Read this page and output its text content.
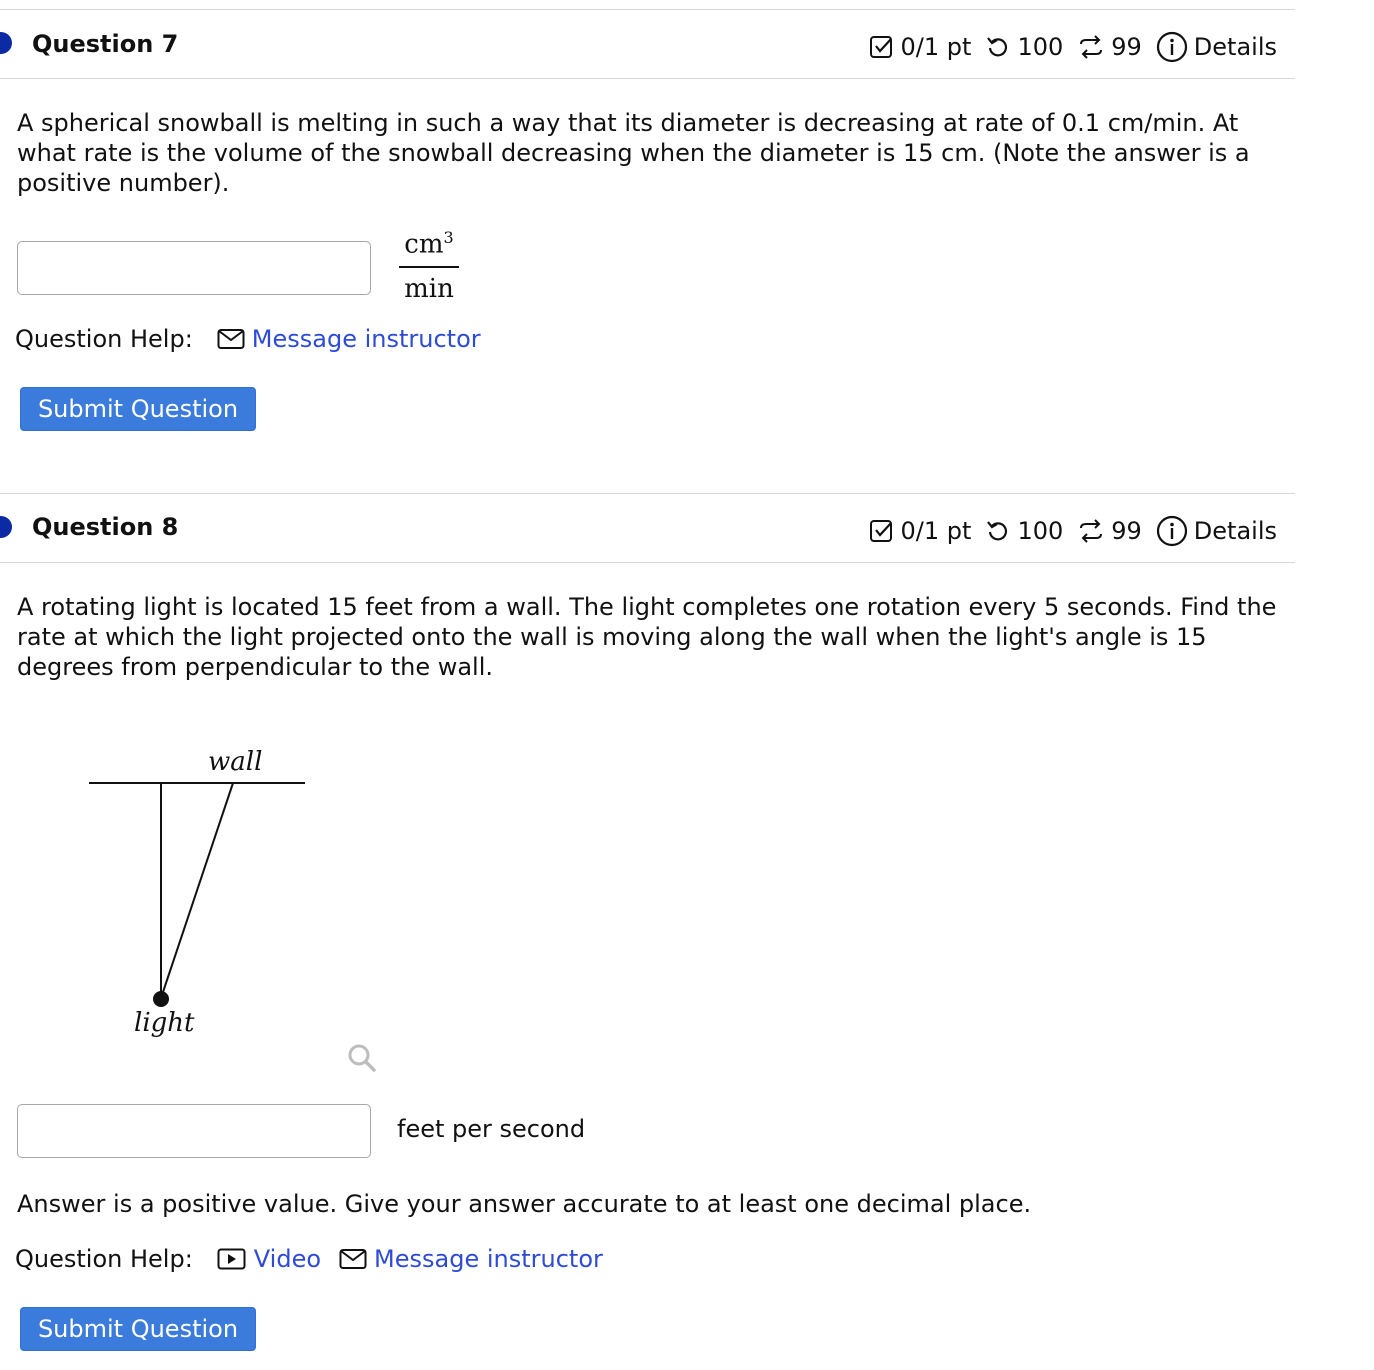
Question 7	0/1 pt 100 99 Details
A spherical snowball is melting in such a way that its diameter is decreasing at rate of 0.1 cm/min. At what rate is the volume of the snowball decreasing when the diameter is 15 cm. (Note the answer is a positive number).
$cm^3$
min
Question Help: Message instructor
Submit Question
Question 8	0/1 pt 100 99 Details
A rotating light is located 15 feet from a wall. The light completes one rotation every 5 seconds. Find the rate at which the light projected onto the wall is moving along the wall when the light's angle is 15 degrees from perpendicular to the wall.
wall
light
feet per second
Answer is a positive value. Give your answer accurate to at least one decimal place.
Question Help:	Video Message instructor
Submit Question
